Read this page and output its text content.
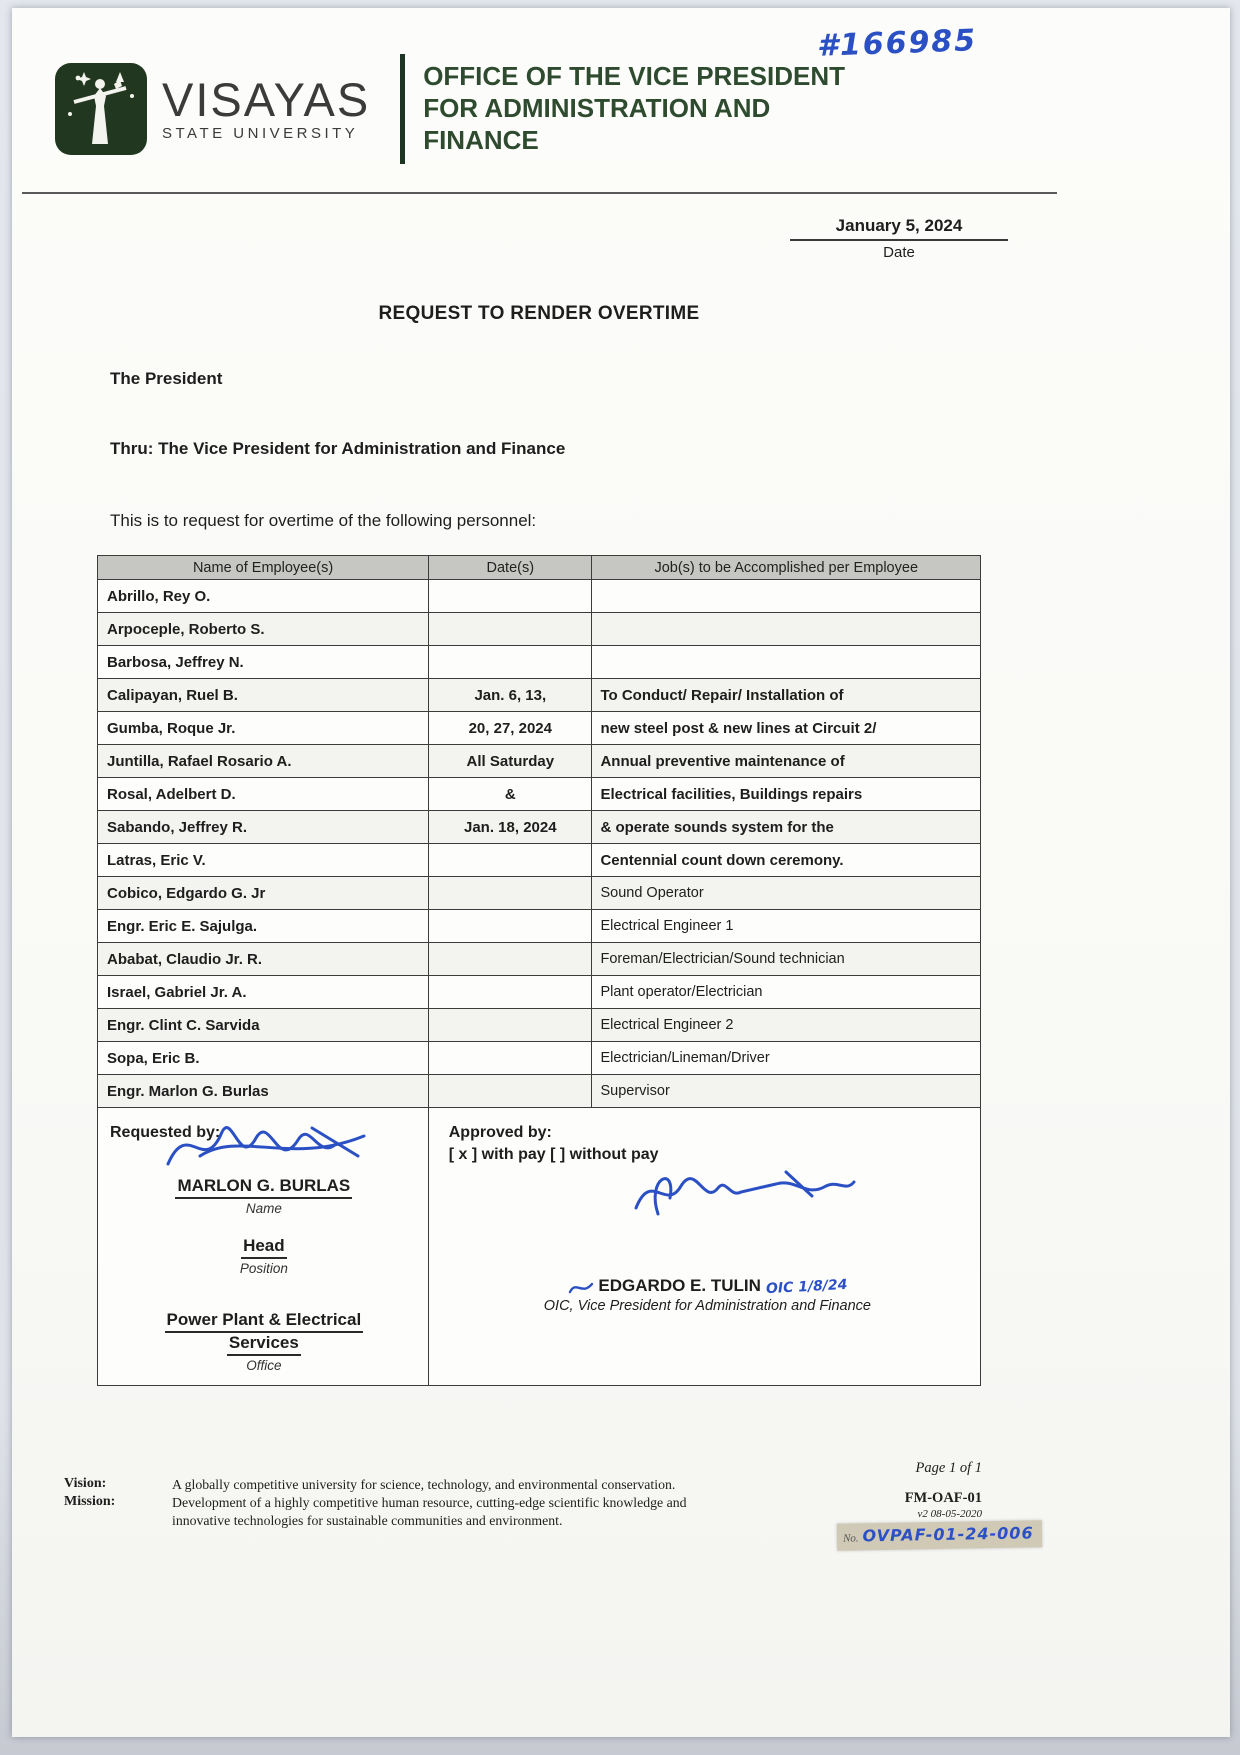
#166985
VISAYAS
STATE UNIVERSITY
OFFICE OF THE VICE PRESIDENT
FOR ADMINISTRATION AND
FINANCE
January 5, 2024
Date
REQUEST TO RENDER OVERTIME

The President

Thru: The Vice President for Administration and Finance

This is to request for overtime of the following personnel:

Name of Employee(s)	Date(s)	Job(s) to be Accomplished per Employee
Abrillo, Rey O.		
Arpoceple, Roberto S.		
Barbosa, Jeffrey N.		
Calipayan, Ruel B.	Jan. 6, 13,	To Conduct/ Repair/ Installation of
Gumba, Roque Jr.	20, 27, 2024	new steel post & new lines at Circuit 2/
Juntilla, Rafael Rosario A.	All Saturday	Annual preventive maintenance of
Rosal, Adelbert D.	&	Electrical facilities, Buildings repairs
Sabando, Jeffrey R.	Jan. 18, 2024	& operate sounds system for the
Latras, Eric V.		Centennial count down ceremony.
Cobico, Edgardo G. Jr		Sound Operator
Engr. Eric E. Sajulga.		Electrical Engineer 1
Ababat, Claudio Jr. R.		Foreman/Electrician/Sound technician
Israel, Gabriel Jr. A.		Plant operator/Electrician
Engr. Clint C. Sarvida		Electrical Engineer 2
Sopa, Eric B.		Electrician/Lineman/Driver
Engr. Marlon G. Burlas		Supervisor
Requested by:
MARLON G. BURLAS
Name
Head
Position
Power Plant & Electrical
Services
Office
Approved by:
[ x ] with pay [ ] without pay
EDGARDO E. TULIN OIC 1/8/24
OIC, Vice President for Administration and Finance
Page 1 of 1
Vision:	A globally competitive university for science, technology, and environmental conservation.
Mission:	Development of a highly competitive human resource, cutting-edge scientific knowledge and innovative technologies for sustainable communities and environment.
FM-OAF-01
v2 08-05-2020
No. OVPAF-01-24-006
